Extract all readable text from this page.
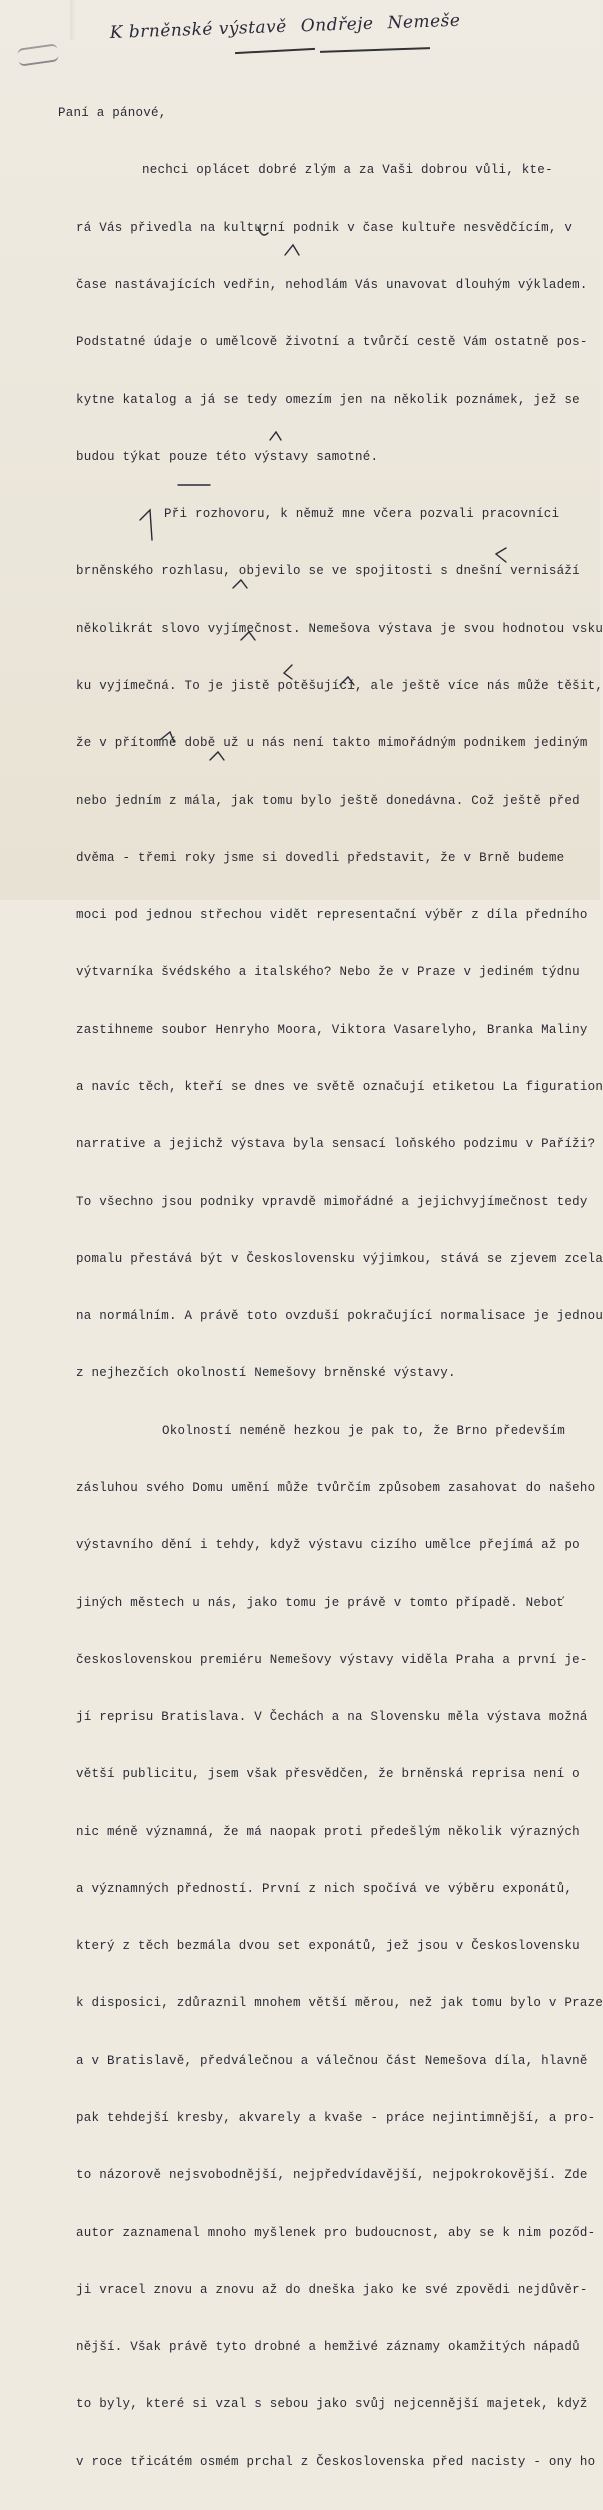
K brněnské výstavě Ondřeje Nemeše

Paní a pánové,

nechci oplácet dobré zlým a za Vaši dobrou vůli, kte-

rá Vás přivedla na kulturní podnik v čase kultuře nesvědčícím, v

čase nastávajících vedřin, nehodlám Vás unavovat dlouhým výkladem.

Podstatné údaje o umělcově životní a tvůrčí cestě Vám ostatně pos-

kytne katalog a já se tedy omezím jen na několik poznámek, jež se

budou týkat pouze této výstavy samotné.

Při rozhovoru, k němuž mne včera pozvali pracovníci

brněnského rozhlasu, objevilo se ve spojitosti s dnešní vernisáží

několikrát slovo vyjímečnost. Nemešova výstava je svou hodnotou vsku

ku vyjímečná. To je jistě potěšující, ale ještě více nás může těšit,

že v přítomné době už u nás není takto mimořádným podnikem jediným

nebo jedním z mála, jak tomu bylo ještě donedávna. Což ještě před

dvěma - třemi roky jsme si dovedli představit, že v Brně budeme

moci pod jednou střechou vidět representační výběr z díla předního

výtvarníka švédského a italského? Nebo že v Praze v jediném týdnu

zastihneme soubor Henryho Moora, Viktora Vasarelyho, Branka Maliny

a navíc těch, kteří se dnes ve světě označují etiketou La figuration

narrative a jejichž výstava byla sensací loňského podzimu v Paříži?

To všechno jsou podniky vpravdě mimořádné a jejichvyjímečnost tedy

pomalu přestává být v Československu výjimkou, stává se zjevem zcela

na normálním. A právě toto ovzduší pokračující normalisace je jednou

z nejhezčích okolností Nemešovy brněnské výstavy.

Okolností neméně hezkou je pak to, že Brno především

zásluhou svého Domu umění může tvůrčím způsobem zasahovat do našeho

výstavního dění i tehdy, když výstavu cizího umělce přejímá až po

jiných městech u nás, jako tomu je právě v tomto případě. Neboť

československou premiéru Nemešovy výstavy viděla Praha a první je-

jí reprisu Bratislava. V Čechách a na Slovensku měla výstava možná

větší publicitu, jsem však přesvědčen, že brněnská reprisa není o

nic méně významná, že má naopak proti předešlým několik výrazných

a významných předností. První z nich spočívá ve výběru exponátů,

který z těch bezmála dvou set exponátů, jež jsou v Československu

k disposici, zdůraznil mnohem větší měrou, než jak tomu bylo v Praze

a v Bratislavě, předválečnou a válečnou část Nemešova díla, hlavně

pak tehdejší kresby, akvarely a kvaše - práce nejintimnější, a pro-

to názorově nejsvobodnější, nejpředvídavější, nejpokrokovější. Zde

autor zaznamenal mnoho myšlenek pro budoucnost, aby se k nim poződ-

ji vracel znovu a znovu až do dneška jako ke své zpovědi nejdůvěr-

nější. Však právě tyto drobné a hemživé záznamy okamžitých nápadů

to byly, které si vzal s sebou jako svůj nejcennější majetek, když

v roce třicátém osmém prchal z Československa před nacisty - ony ho
